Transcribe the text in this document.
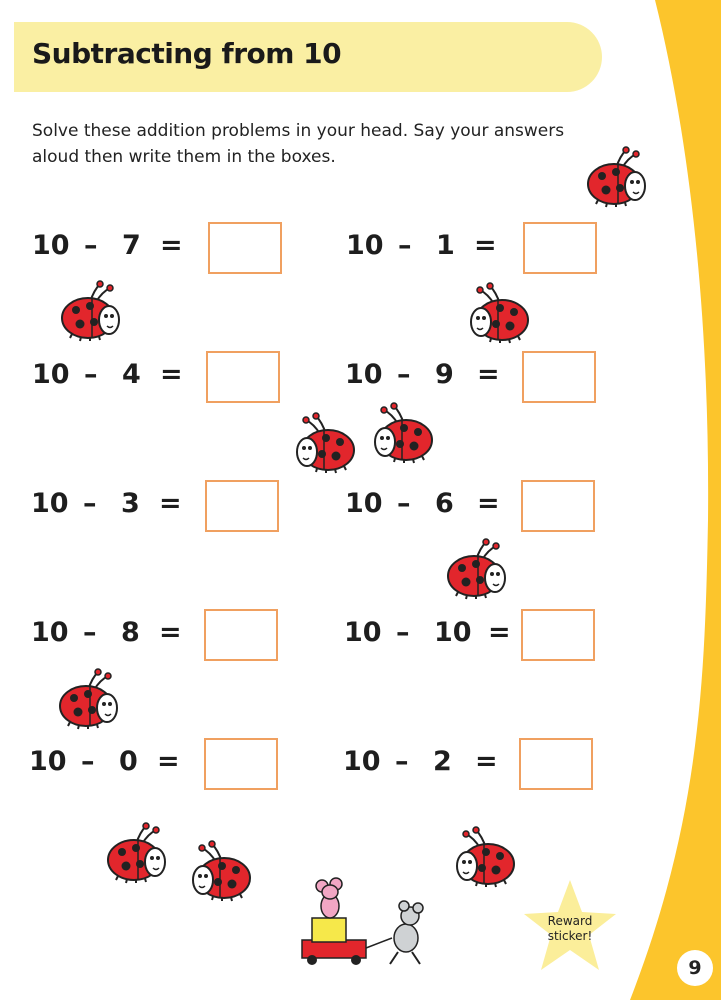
Subtracting from 10
Solve these addition problems in your head. Say your answers aloud then write them in the boxes.
10 – 7 =
10 – 4 =
10 – 3 =
10 – 8 =
10 – 0 =
10 – 1 =
10 – 9 =
10 – 6 =
10 – 10 =
10 – 2 =
Reward
sticker!
9
